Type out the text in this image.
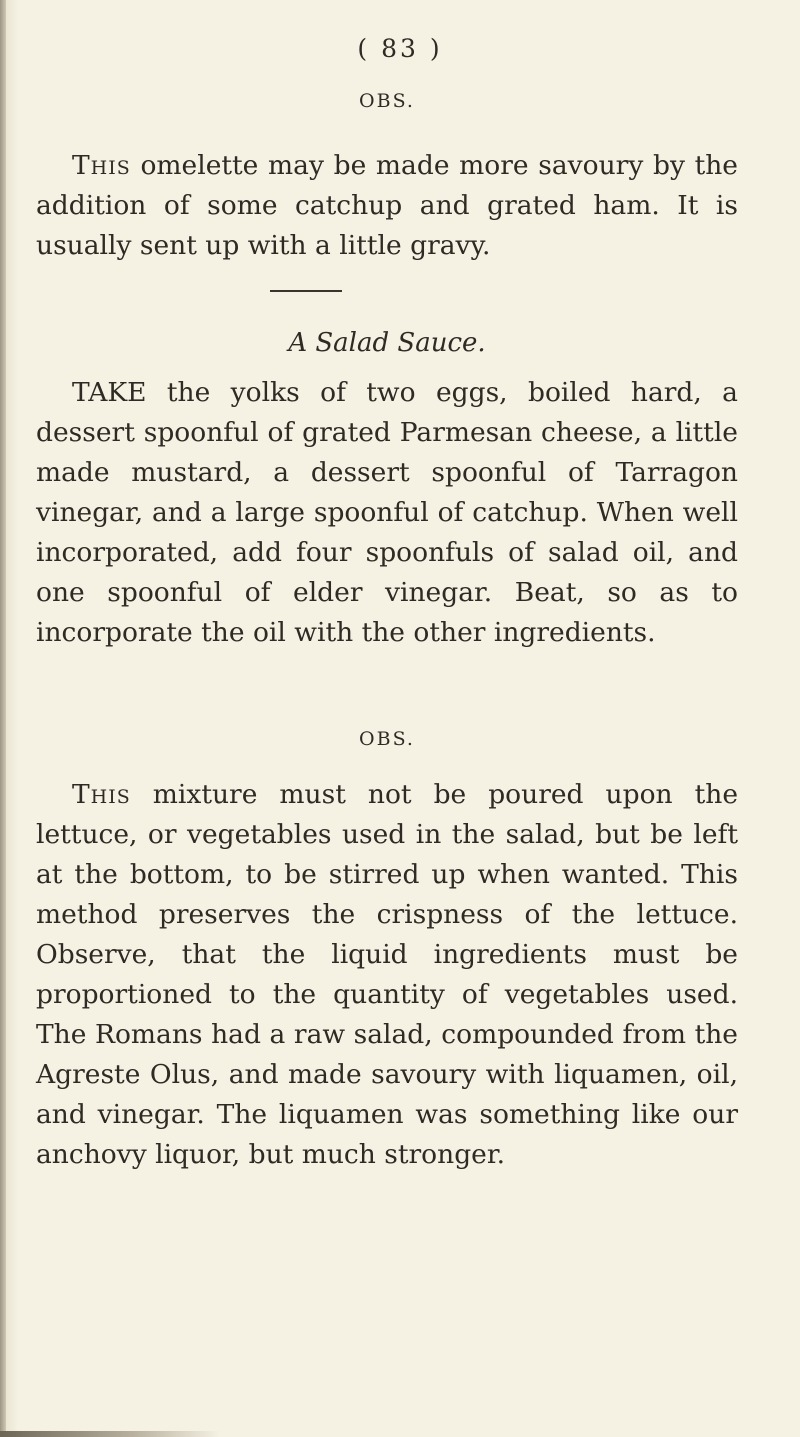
( 83 )
OBS.

This omelette may be made more savoury by the addition of some catchup and grated ham. It is usually sent up with a little gravy.

A Salad Sauce.

TAKE the yolks of two eggs, boiled hard, a dessert spoonful of grated Parmesan cheese, a little made mustard, a dessert spoonful of Tarragon vinegar, and a large spoonful of catchup. When well incorporated, add four spoonfuls of salad oil, and one spoonful of elder vinegar. Beat, so as to incorporate the oil with the other ingredients.

OBS.

This mixture must not be poured upon the lettuce, or vegetables used in the salad, but be left at the bottom, to be stirred up when wanted. This method preserves the crispness of the lettuce. Observe, that the liquid ingredients must be proportioned to the quantity of vegetables used. The Romans had a raw salad, compounded from the Agreste Olus, and made savoury with liquamen, oil, and vinegar. The liquamen was something like our anchovy liquor, but much stronger.
